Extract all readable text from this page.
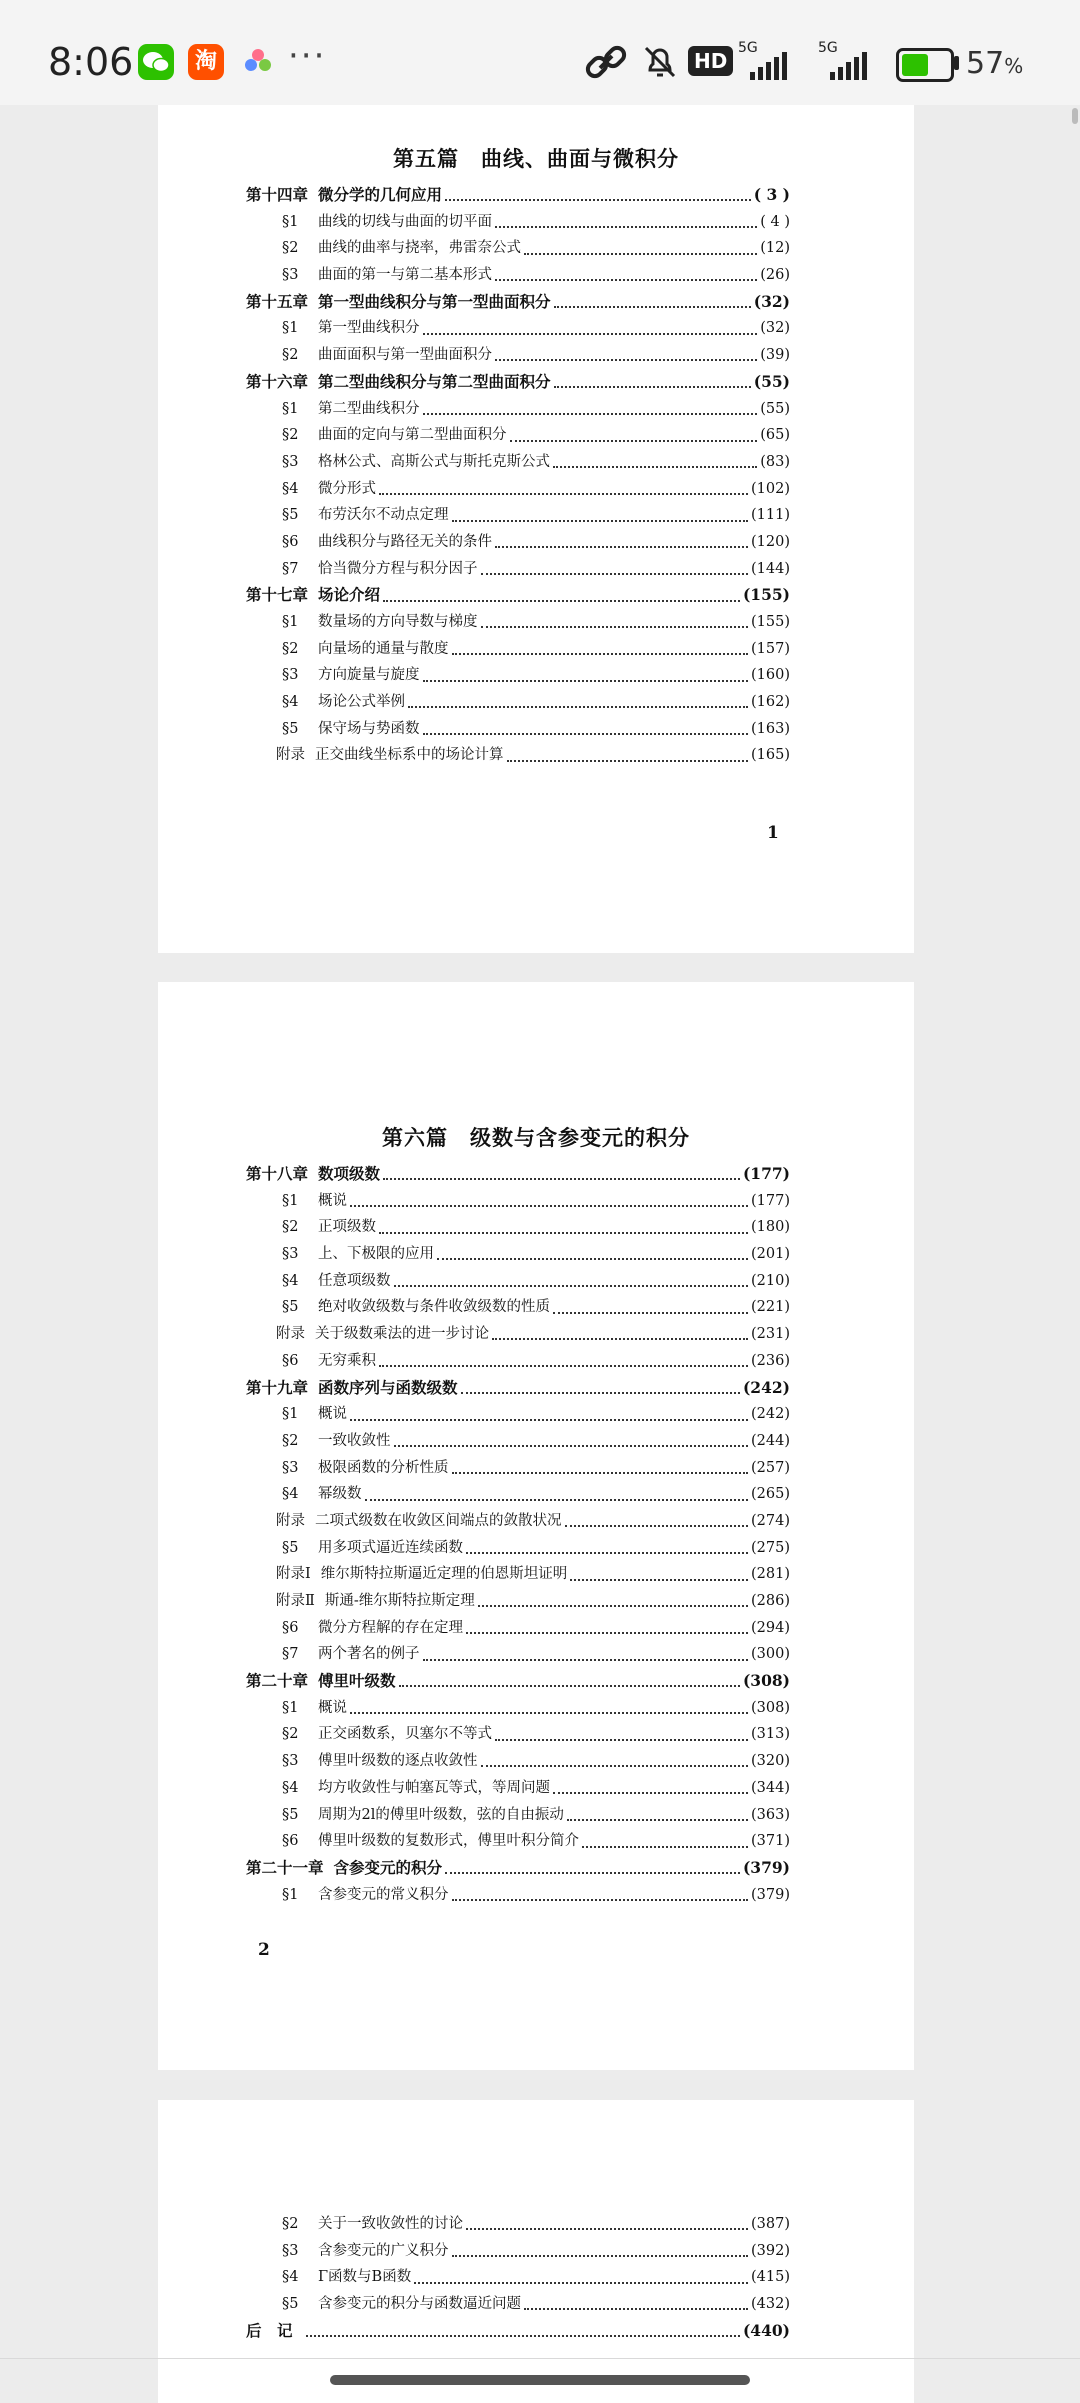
8:06	淘 ···	HD
5G	5G	57%
第五篇　曲线、曲面与微积分
第十四章 微分学的几何应用	( 3 )
§1	曲线的切线与曲面的切平面	( 4 )
§2	曲线的曲率与挠率，弗雷奈公式	(12)
§3	曲面的第一与第二基本形式	(26)
第十五章 第一型曲线积分与第一型曲面积分	(32)
§1	第一型曲线积分	(32)
§2	曲面面积与第一型曲面积分	(39)
第十六章 第二型曲线积分与第二型曲面积分	(55)
§1	第二型曲线积分	(55)
§2	曲面的定向与第二型曲面积分	(65)
§3	格林公式、高斯公式与斯托克斯公式	(83)
§4	微分形式	(102)
§5	布劳沃尔不动点定理	(111)
§6	曲线积分与路径无关的条件	(120)
§7	恰当微分方程与积分因子	(144)
第十七章 场论介绍	(155)
§1	数量场的方向导数与梯度	(155)
§2	向量场的通量与散度	(157)
§3	方向旋量与旋度	(160)
§4	场论公式举例	(162)
§5	保守场与势函数	(163)
附录 正交曲线坐标系中的场论计算	(165)
1
第六篇　级数与含参变元的积分
第十八章 数项级数	(177)
§1	概说	(177)
§2	正项级数	(180)
§3	上、下极限的应用	(201)
§4	任意项级数	(210)
§5	绝对收敛级数与条件收敛级数的性质	(221)
附录 关于级数乘法的进一步讨论	(231)
§6	无穷乘积	(236)
第十九章 函数序列与函数级数	(242)
§1	概说	(242)
§2	一致收敛性	(244)
§3	极限函数的分析性质	(257)
§4	幂级数	(265)
附录 二项式级数在收敛区间端点的敛散状况	(274)
§5	用多项式逼近连续函数	(275)
附录Ⅰ 维尔斯特拉斯逼近定理的伯恩斯坦证明	(281)
附录Ⅱ 斯通-维尔斯特拉斯定理	(286)
§6	微分方程解的存在定理	(294)
§7	两个著名的例子	(300)
第二十章 傅里叶级数	(308)
§1	概说	(308)
§2	正交函数系，贝塞尔不等式	(313)
§3	傅里叶级数的逐点收敛性	(320)
§4	均方收敛性与帕塞瓦等式，等周问题	(344)
§5	周期为2l的傅里叶级数，弦的自由振动	(363)
§6	傅里叶级数的复数形式，傅里叶积分简介	(371)
第二十一章 含参变元的积分	(379)
§1	含参变元的常义积分	(379)
2
§2	关于一致收敛性的讨论	(387)
§3	含参变元的广义积分	(392)
§4	Γ函数与B函数	(415)
§5	含参变元的积分与函数逼近问题	(432)
后　记	(440)
